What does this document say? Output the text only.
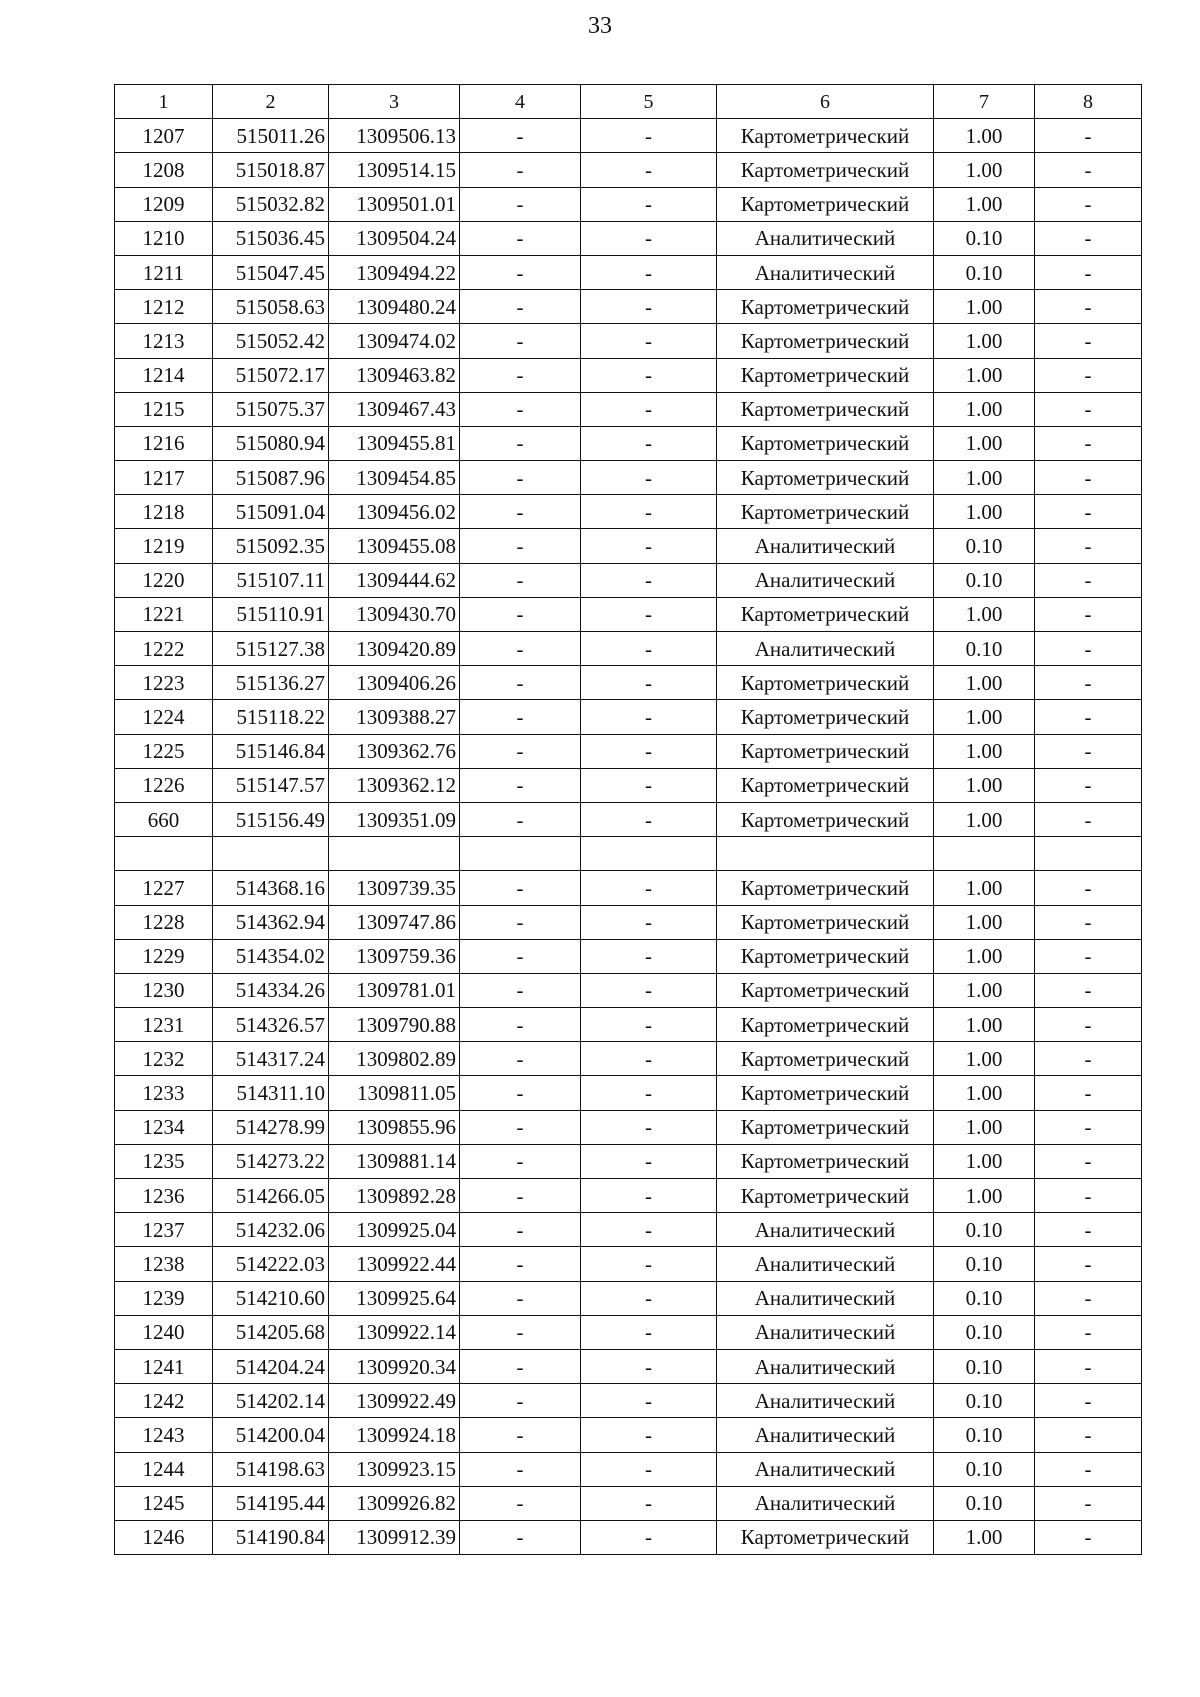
33
1	2	3	4	5	6	7	8
1207	515011.26	1309506.13	-	-	Картометрический	1.00	-
1208	515018.87	1309514.15	-	-	Картометрический	1.00	-
1209	515032.82	1309501.01	-	-	Картометрический	1.00	-
1210	515036.45	1309504.24	-	-	Аналитический	0.10	-
1211	515047.45	1309494.22	-	-	Аналитический	0.10	-
1212	515058.63	1309480.24	-	-	Картометрический	1.00	-
1213	515052.42	1309474.02	-	-	Картометрический	1.00	-
1214	515072.17	1309463.82	-	-	Картометрический	1.00	-
1215	515075.37	1309467.43	-	-	Картометрический	1.00	-
1216	515080.94	1309455.81	-	-	Картометрический	1.00	-
1217	515087.96	1309454.85	-	-	Картометрический	1.00	-
1218	515091.04	1309456.02	-	-	Картометрический	1.00	-
1219	515092.35	1309455.08	-	-	Аналитический	0.10	-
1220	515107.11	1309444.62	-	-	Аналитический	0.10	-
1221	515110.91	1309430.70	-	-	Картометрический	1.00	-
1222	515127.38	1309420.89	-	-	Аналитический	0.10	-
1223	515136.27	1309406.26	-	-	Картометрический	1.00	-
1224	515118.22	1309388.27	-	-	Картометрический	1.00	-
1225	515146.84	1309362.76	-	-	Картометрический	1.00	-
1226	515147.57	1309362.12	-	-	Картометрический	1.00	-
660	515156.49	1309351.09	-	-	Картометрический	1.00	-

1227	514368.16	1309739.35	-	-	Картометрический	1.00	-
1228	514362.94	1309747.86	-	-	Картометрический	1.00	-
1229	514354.02	1309759.36	-	-	Картометрический	1.00	-
1230	514334.26	1309781.01	-	-	Картометрический	1.00	-
1231	514326.57	1309790.88	-	-	Картометрический	1.00	-
1232	514317.24	1309802.89	-	-	Картометрический	1.00	-
1233	514311.10	1309811.05	-	-	Картометрический	1.00	-
1234	514278.99	1309855.96	-	-	Картометрический	1.00	-
1235	514273.22	1309881.14	-	-	Картометрический	1.00	-
1236	514266.05	1309892.28	-	-	Картометрический	1.00	-
1237	514232.06	1309925.04	-	-	Аналитический	0.10	-
1238	514222.03	1309922.44	-	-	Аналитический	0.10	-
1239	514210.60	1309925.64	-	-	Аналитический	0.10	-
1240	514205.68	1309922.14	-	-	Аналитический	0.10	-
1241	514204.24	1309920.34	-	-	Аналитический	0.10	-
1242	514202.14	1309922.49	-	-	Аналитический	0.10	-
1243	514200.04	1309924.18	-	-	Аналитический	0.10	-
1244	514198.63	1309923.15	-	-	Аналитический	0.10	-
1245	514195.44	1309926.82	-	-	Аналитический	0.10	-
1246	514190.84	1309912.39	-	-	Картометрический	1.00	-
